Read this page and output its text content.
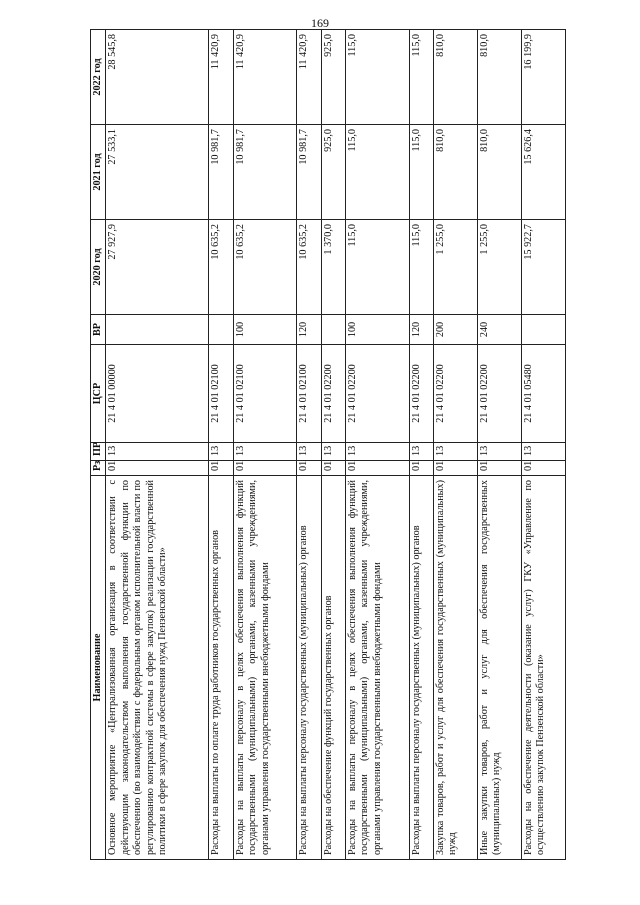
169
Наименование	Рз	ПР	ЦСР	ВР	2020 год	2021 год	2022 год
Основное мероприятие «Централизованная организация в соответствии с действующим законодательством выполнения государственной функции по обеспечению (во взаимодействии с федеральным органом исполнительной власти по регулированию контрактной системы в сфере закупок) реализации государственной политики в сфере закупок для обеспечения нужд Пензенской области»	01	13	21 4 01 00000		27 927,9	27 533,1	28 545,8
Расходы на выплаты по оплате труда работников государственных органов	01	13	21 4 01 02100		10 635,2	10 981,7	11 420,9
Расходы на выплаты персоналу в целях обеспечения выполнения функций государственными (муниципальными) органами, казенными учреждениями, органами управления государственными внебюджетными фондами	01	13	21 4 01 02100	100	10 635,2	10 981,7	11 420,9
Расходы на выплаты персоналу государственных (муниципальных) органов	01	13	21 4 01 02100	120	10 635,2	10 981,7	11 420,9
Расходы на обеспечение функций государственных органов	01	13	21 4 01 02200		1 370,0	925,0	925,0
Расходы на выплаты персоналу в целях обеспечения выполнения функций государственными (муниципальными) органами, казенными учреждениями, органами управления государственными внебюджетными фондами	01	13	21 4 01 02200	100	115,0	115,0	115,0
Расходы на выплаты персоналу государственных (муниципальных) органов	01	13	21 4 01 02200	120	115,0	115,0	115,0
Закупка товаров, работ и услуг для обеспечения государственных (муниципальных) нужд	01	13	21 4 01 02200	200	1 255,0	810,0	810,0
Иные закупки товаров, работ и услуг для обеспечения государственных (муниципальных) нужд	01	13	21 4 01 02200	240	1 255,0	810,0	810,0
Расходы на обеспечение деятельности (оказание услуг) ГКУ «Управление по осуществлению закупок Пензенской области»	01	13	21 4 01 05480		15 922,7	15 626,4	16 199,9
